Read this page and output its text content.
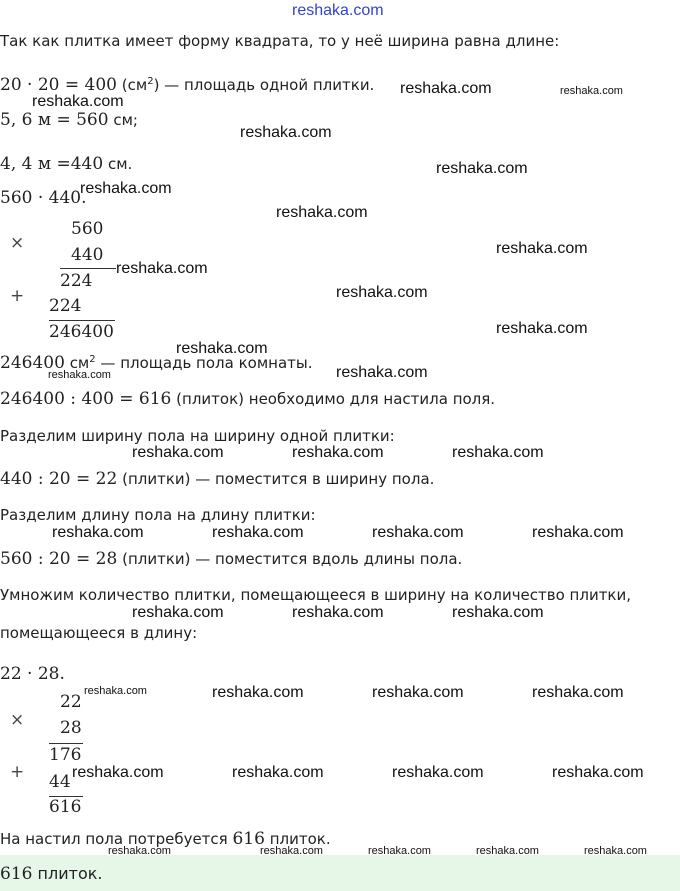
reshaka.com
Так как плитка имеет форму квадрата, то у неё ширина равна длине:
20 · 20 = 400 $(см^2)$ — площадь одной плитки.
5, 6 м = 560 см;
4, 4 м =440 см.
560 · 440.
×
560
440
224
+ 224
246400
246400 $см^2$ — площадь пола комнаты.
246400 : 400 = 616 (плиток) необходимо для настила поля.
Разделим ширину пола на ширину одной плитки:
440 : 20 = 22 (плитки) — поместится в ширину пола.
Разделим длину пола на длину плитки:
560 : 20 = 28 (плитки) — поместится вдоль длины пола.
Умножим количество плитки, помещающееся в ширину на количество плитки,
помещающееся в длину:
22 · 28.
×
22
28
176
+ 44
616
На настил пола потребуется 616 плиток.
616 плиток.
reshaka.com
reshaka.com	reshaka.com
reshaka.com
reshaka.com
reshaka.com
reshaka.com
reshaka.com
reshaka.com
reshaka.com
reshaka.com
reshaka.com
reshaka.com
reshaka.com
reshaka.com	reshaka.com	reshaka.com
reshaka.com	reshaka.com	reshaka.com	reshaka.com
reshaka.com	reshaka.com	reshaka.com
reshaka.com	reshaka.com	reshaka.com	reshaka.com
reshaka.com	reshaka.com	reshaka.com	reshaka.com
reshaka.com	reshaka.com	reshaka.com	reshaka.com	reshaka.com
